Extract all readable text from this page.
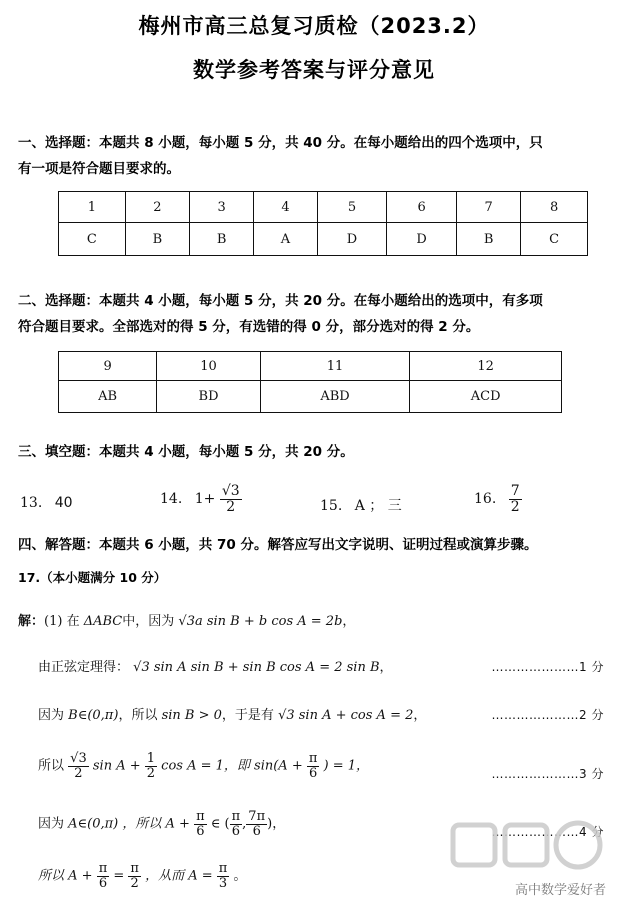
梅州市高三总复习质检（2023.2）
数学参考答案与评分意见
一、选择题：本题共 8 小题，每小题 5 分，共 40 分。在每小题给出的四个选项中，只
有一项是符合题目要求的。
1	2	3	4	5	6	7	8
C	B	B	A	D	D	B	C
二、选择题：本题共 4 小题，每小题 5 分，共 20 分。在每小题给出的选项中，有多项
符合题目要求。全部选对的得 5 分，有选错的得 0 分，部分选对的得 2 分。
9	10	11	12
AB	BD	ABD	ACD
三、填空题：本题共 4 小题，每小题 5 分，共 20 分。
13. 40	14. $1+ \frac{√3}{2}$	15. A ； 三	16. $\frac{7}{2}$
四、解答题：本题共 6 小题，共 70 分。解答应写出文字说明、证明过程或演算步骤。
17.（本小题满分 10 分）
解：(1) 在 ΔABC中，因为 √3a sin B + b cos A = 2b，
由正弦定理得： √3 sin A sin B + sin B cos A = 2 sin B，	…………………1 分
因为 B∈(0,π)，所以 sin B > 0，于是有 √3 sin A + cos A = 2，	…………………2 分
所以 $\frac{√3}{2}$ $\sin A + \frac{1}{2}$ cos A = 1，即 $\sin(A + \frac{\pi}{6}$ ) = 1，
…………………3 分
因为 A∈(0,π) ，所以 $A + \frac{\pi}{6}$ ∈ ( $\frac{\pi}{6}$ , $\frac{7\pi}{6}$ )，
…………………4 分
所以 $A + \frac{\pi}{6} = \frac{\pi}{2}$ ，从而 $A = \frac{\pi}{3}$ 。
高中数学爱好者
